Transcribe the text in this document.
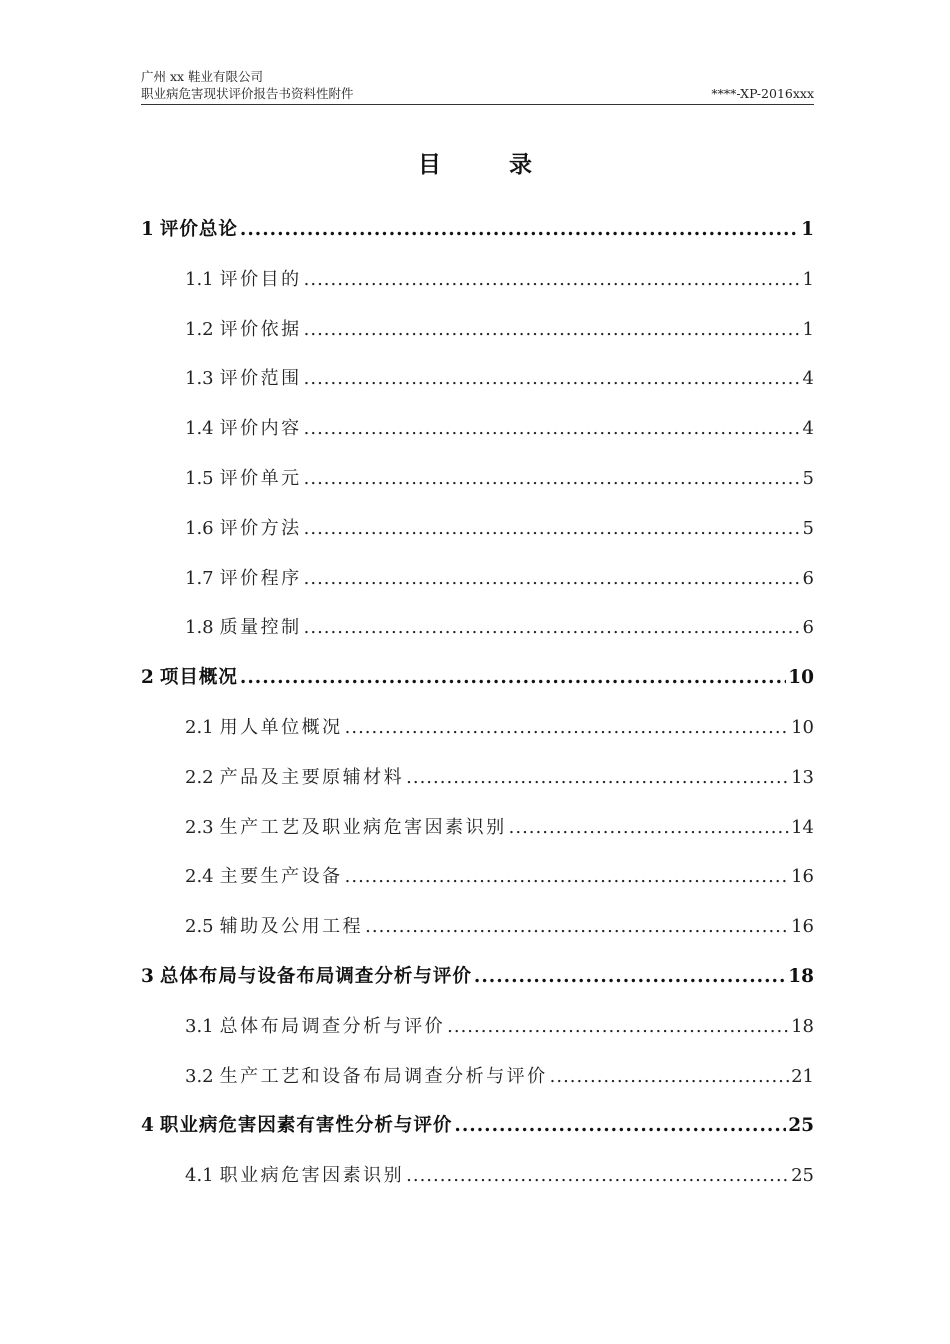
广州 xx 鞋业有限公司
职业病危害现状评价报告书资料性附件	****-XP-2016xxx
目 录
1 评价总论 .....	1
1.1 评价目的 .....	1
1.2 评价依据 .....	1
1.3 评价范围 .....	4
1.4 评价内容 .....	4
1.5 评价单元 .....	5
1.6 评价方法 .....	5
1.7 评价程序 .....	6
1.8 质量控制 .....	6
2 项目概况 .....	10
2.1 用人单位概况 .....	10
2.2 产品及主要原辅材料 .....	13
2.3 生产工艺及职业病危害因素识别 .....	14
2.4 主要生产设备 .....	16
2.5 辅助及公用工程 .....	16
3 总体布局与设备布局调查分析与评价 .....	18
3.1 总体布局调查分析与评价 .....	18
3.2 生产工艺和设备布局调查分析与评价 .....	21
4 职业病危害因素有害性分析与评价 .....	25
4.1 职业病危害因素识别 .....	25
